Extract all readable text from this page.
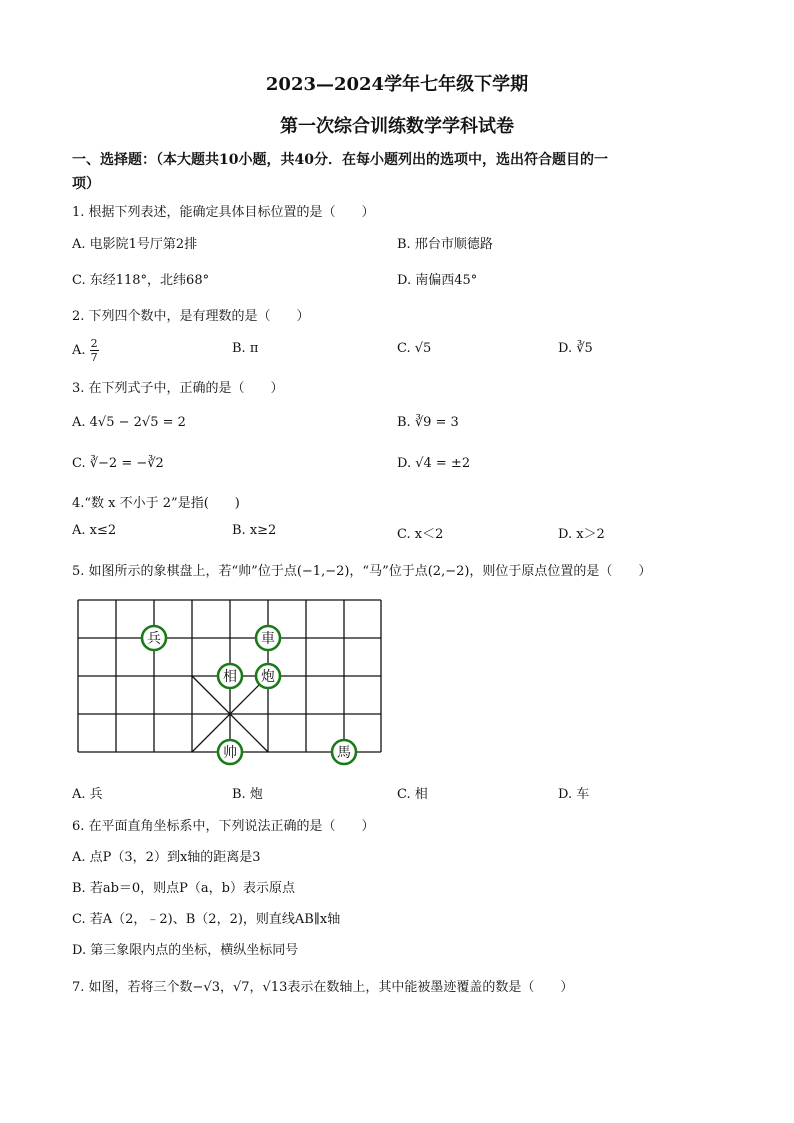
2023—2024学年七年级下学期
第一次综合训练数学学科试卷
一、选择题：（本大题共10小题，共40分．在每小题列出的选项中，选出符合题目的一
项）
1. 根据下列表述，能确定具体目标位置的是（　　）
A. 电影院1号厅第2排	B. 邢台市顺德路
C. 东经118°，北纬68°	D. 南偏西45°
2. 下列四个数中，是有理数的是（　　）
A. $\frac{2}{7}$	B. π	C. √5	D. ∛5
3. 在下列式子中，正确的是（　　）
A. 4√5 − 2√5 = 2	B. ∛9 = 3
C. ∛−2 = −∛2	D. √4 = ±2
4.“数 x 不小于 2”是指(　　)
A. x≤2	B. x≥2	C. x＜2	D. x＞2
5. 如图所示的象棋盘上，若“帅”位于点(−1,−2)，“马”位于点(2,−2)，则位于原点位置的是（　　）
兵	車
相 炮
帅	馬
A. 兵	B. 炮	C. 相	D. 车
6. 在平面直角坐标系中，下列说法正确的是（　　）
A. 点P（3，2）到x轴的距离是3
B. 若ab＝0，则点P（a，b）表示原点
C. 若A（2，﹣2)、B（2，2)，则直线AB∥x轴
D. 第三象限内点的坐标，横纵坐标同号
7. 如图，若将三个数−√3，√7，√13表示在数轴上，其中能被墨迹覆盖的数是（　　）
